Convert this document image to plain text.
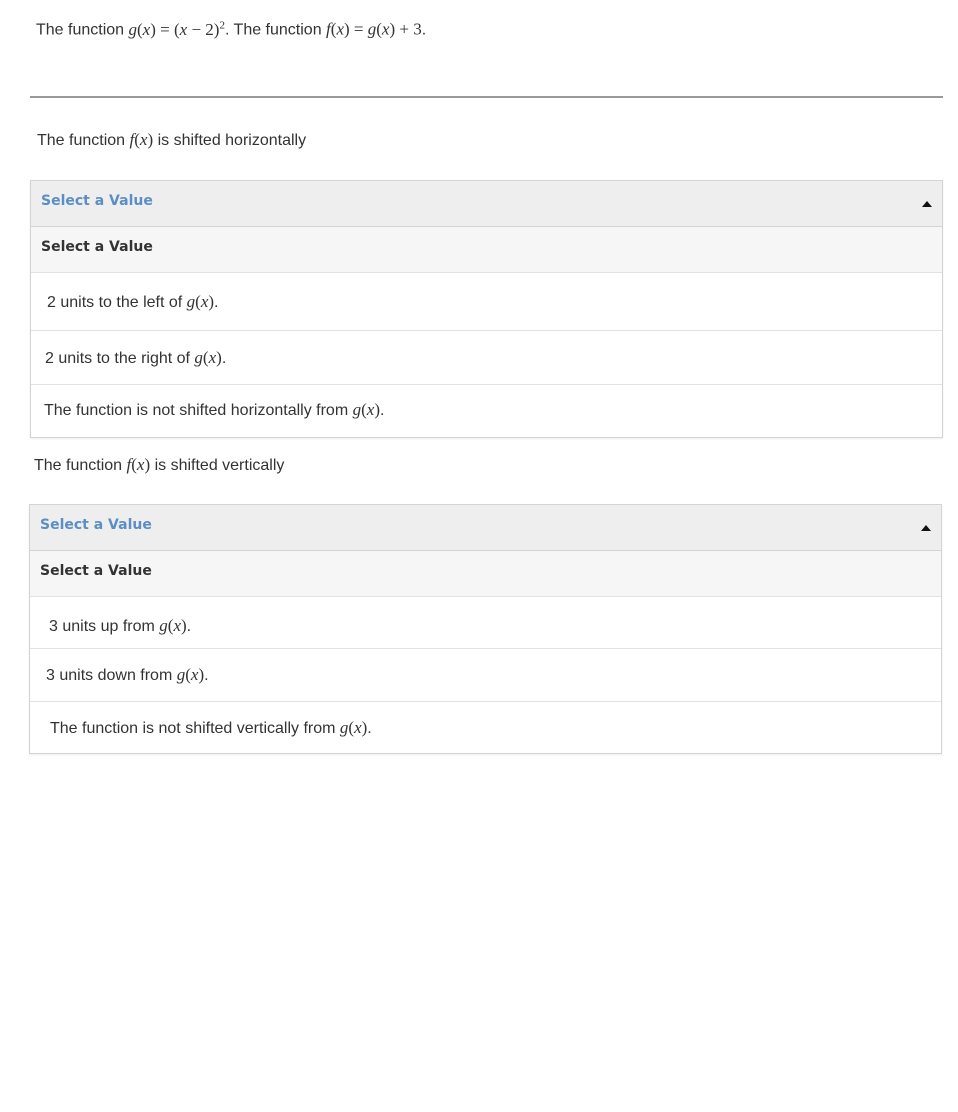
The function $g(x) = (x - 2)^2$. The function f(x) = g(x) + 3.
The function f(x) is shifted horizontally
Select a Value
Select a Value
2 units to the left of g(x).
2 units to the right of g(x).
The function is not shifted horizontally from g(x).
The function f(x) is shifted vertically
Select a Value
Select a Value
3 units up from g(x).
3 units down from g(x).
The function is not shifted vertically from g(x).
